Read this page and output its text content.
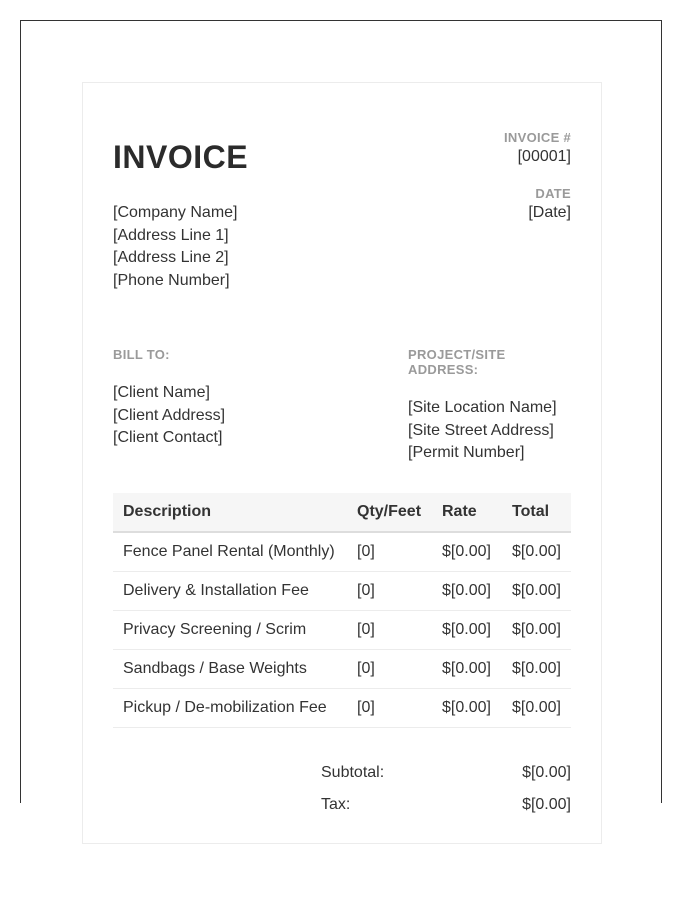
INVOICE
INVOICE #
[00001]
DATE
[Date]
[Company Name]
[Address Line 1]
[Address Line 2]
[Phone Number]
BILL TO:
[Client Name]
[Client Address]
[Client Contact]
PROJECT/SITE ADDRESS:
[Site Location Name]
[Site Street Address]
[Permit Number]
Description	Qty/Feet	Rate	Total
Fence Panel Rental (Monthly)	[0]	$[0.00]	$[0.00]
Delivery & Installation Fee	[0]	$[0.00]	$[0.00]
Privacy Screening / Scrim	[0]	$[0.00]	$[0.00]
Sandbags / Base Weights	[0]	$[0.00]	$[0.00]
Pickup / De-mobilization Fee	[0]	$[0.00]	$[0.00]
Subtotal:	$[0.00]
Tax:	$[0.00]
